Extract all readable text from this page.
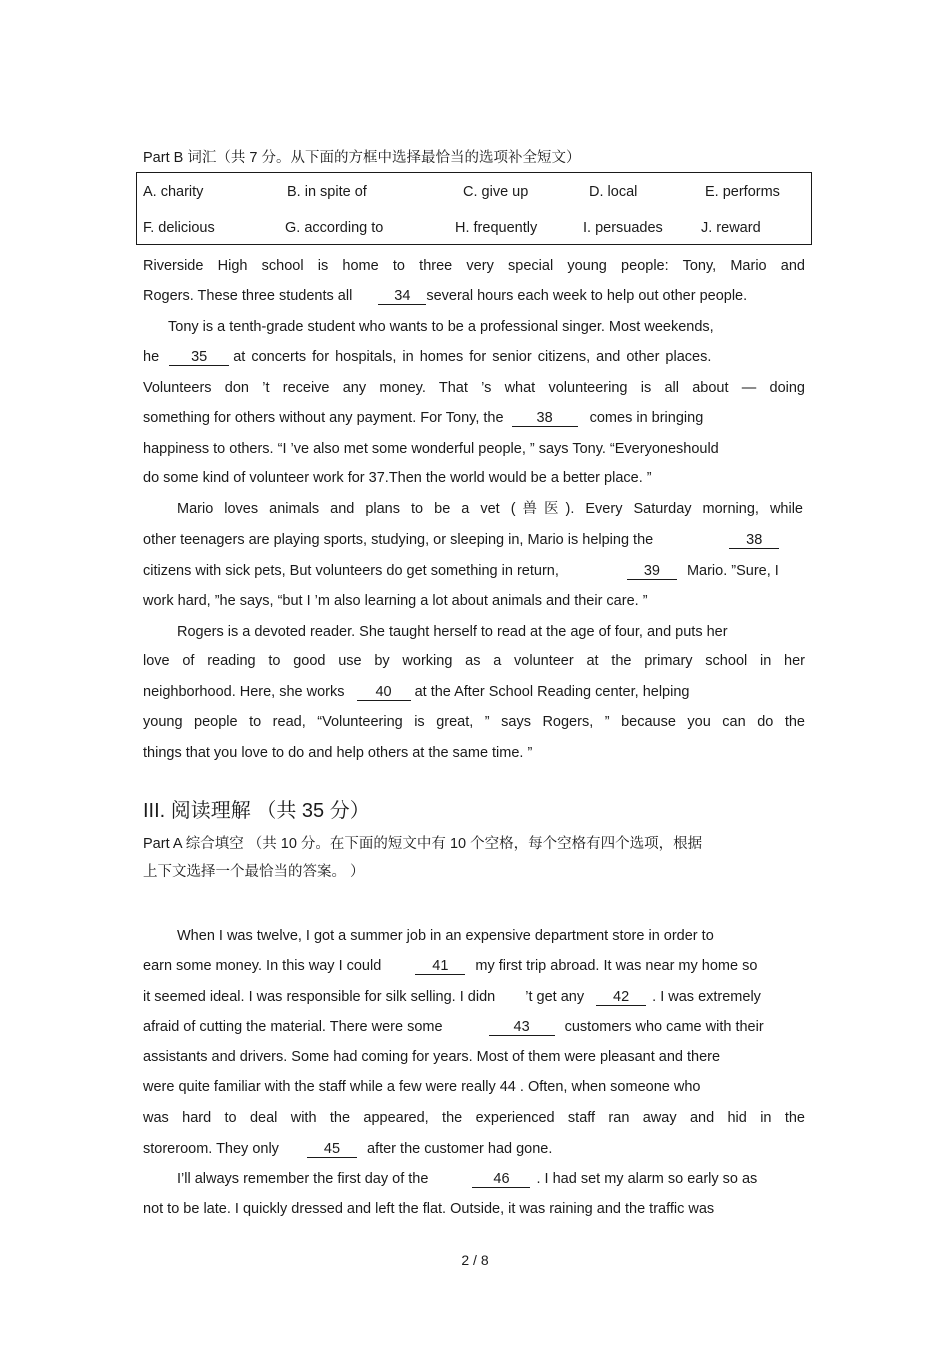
Part B 词汇（共 7 分。从下面的方框中选择最恰当的选项补全短文）
A. charity	B. in spite of	C. give up	D. local	E. performs
F. delicious	G. according to	H. frequently	I. persuades	J. reward
Riverside High school is home to three very special young people: Tony, Mario and
Rogers. These three students all	34 several hours each week to help out other people.
Tony is a tenth-grade student who wants to be a professional singer. Most weekends,
he 35 at concerts for hospitals, in homes for senior citizens, and other places.
Volunteers don ’t receive any money. That ’s what volunteering is all about — doing
something for others without any payment. For Tony, the 38	comes in bringing
happiness to others. “I ’ve also met some wonderful people, ” says Tony. “Everyoneshould
do some kind of volunteer work for 37.Then the world would be a better place. ”
Mario loves animals and plans to be a vet (兽医). Every Saturday morning, while
other teenagers are playing sports, studying, or sleeping in, Mario is helping the	38
citizens with sick pets, But volunteers do get something in return,	39 Mario. ”Sure, I
work hard, ”he says, “but I ’m also learning a lot about animals and their care. ”
Rogers is a devoted reader. She taught herself to read at the age of four, and puts her
love of reading to good use by working as a volunteer at the primary school in her
neighborhood. Here, she works 40 at the After School Reading center, helping
young people to read, “Volunteering is great, ” says Rogers, ” because you can do the
things that you love to do and help others at the same time. ”
III. 阅读理解 （共 35 分）
Part A 综合填空 （共 10 分。在下面的短文中有 10 个空格，每个空格有四个选项，根据
上下文选择一个最恰当的答案。 ）
When I was twelve, I got a summer job in an expensive department store in order to
earn some money. In this way I could	41 my first trip abroad. It was near my home so
it seemed ideal. I was responsible for silk selling. I didn ’t get any 42 . I was extremely
afraid of cutting the material. There were some	43 customers who came with their
assistants and drivers. Some had coming for years. Most of them were pleasant and there
were quite familiar with the staff while a few were really 44 . Often, when someone who
was hard to deal with the appeared, the experienced staff ran away and hid in the
storeroom. They only	45 after the customer had gone.
I’ll always remember the first day of the	46 . I had set my alarm so early so as
not to be late. I quickly dressed and left the flat. Outside, it was raining and the traffic was
2 / 8
